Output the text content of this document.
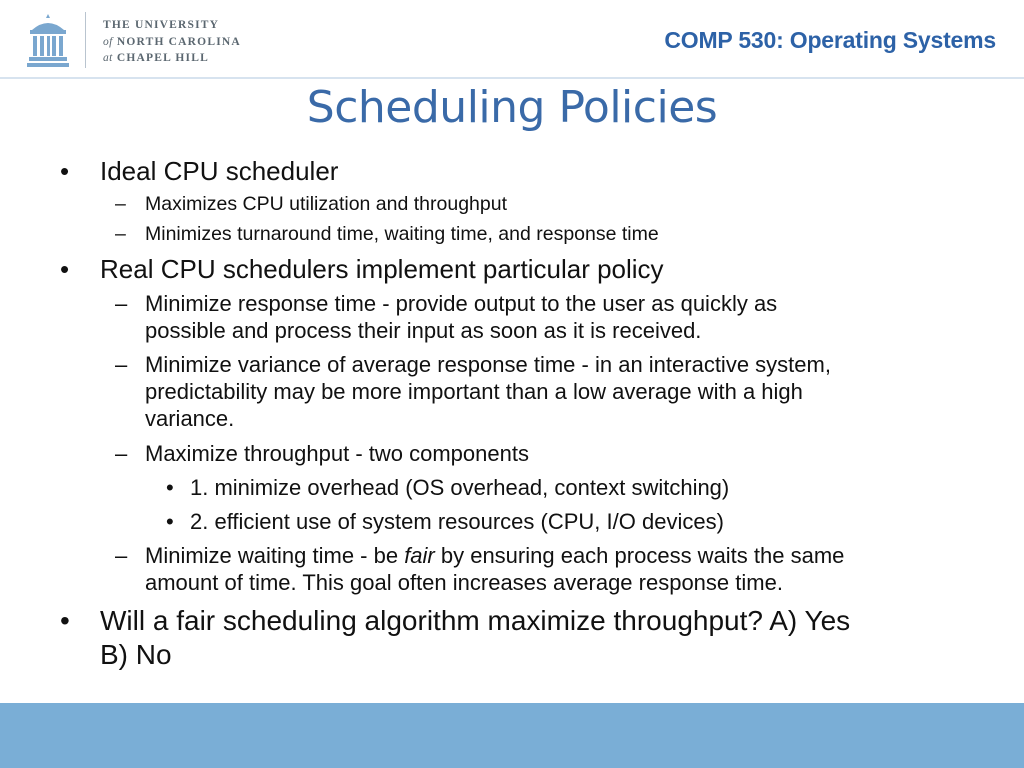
THE UNIVERSITY
of NORTH CAROLINA
at CHAPEL HILL
COMP 530: Operating Systems
Scheduling Policies
• Ideal CPU scheduler
– Maximizes CPU utilization and throughput
– Minimizes turnaround time, waiting time, and response time
• Real CPU schedulers implement particular policy
– Minimize response time - provide output to the user as quickly as
possible and process their input as soon as it is received.
– Minimize variance of average response time - in an interactive system,
predictability may be more important than a low average with a high
variance.
– Maximize throughput - two components
• 1. minimize overhead (OS overhead, context switching)
• 2. efficient use of system resources (CPU, I/O devices)
– Minimize waiting time - be fair by ensuring each process waits the same
amount of time. This goal often increases average response time.
• Will a fair scheduling algorithm maximize throughput? A) Yes
B) No
